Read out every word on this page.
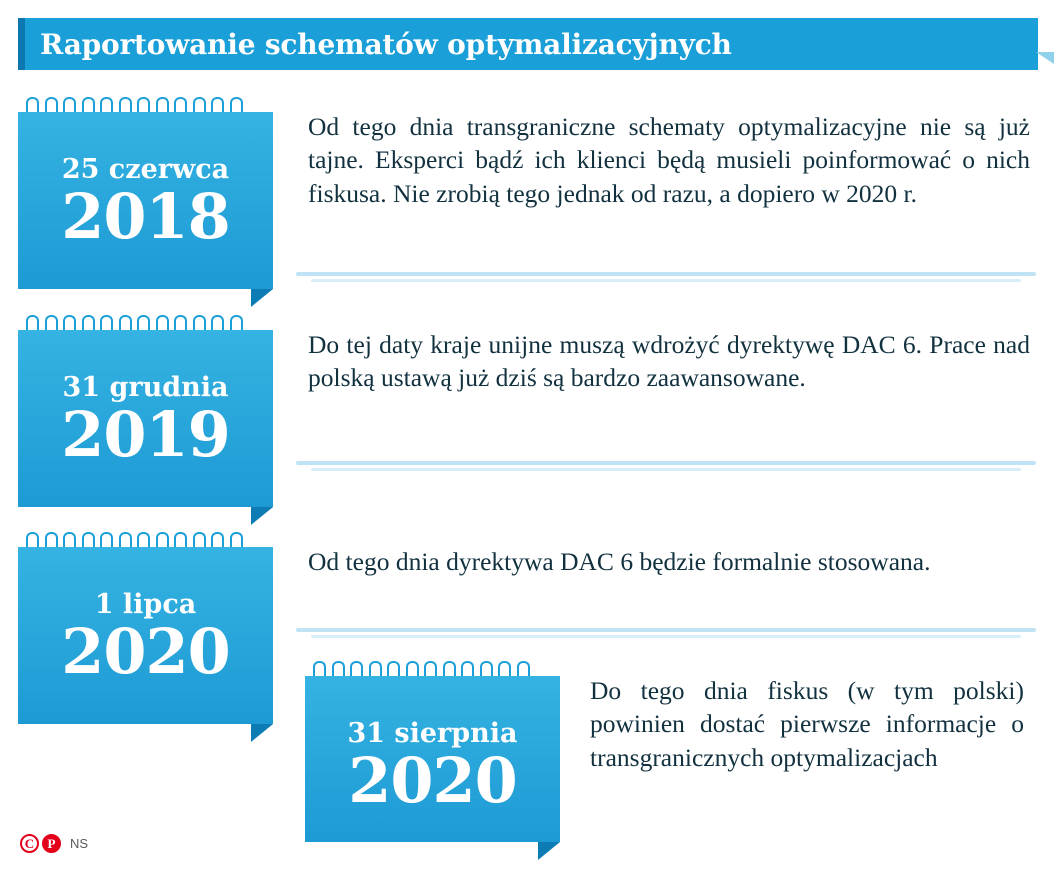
Raportowanie schematów optymalizacyjnych
25 czerwca
2018

Od tego dnia transgraniczne schematy optymalizacyjne nie są już tajne. Eksperci bądź ich klienci będą musieli poinformować o nich fiskusa. Nie zrobią tego jednak od razu, a dopiero w 2020 r.

31 grudnia
2019

Do tej daty kraje unijne muszą wdrożyć dyrektywę DAC 6. Prace nad polską ustawą już dziś są bardzo zaawansowane.

1 lipca
2020

Od tego dnia dyrektywa DAC 6 będzie formalnie stosowana.

31 sierpnia
2020

Do tego dnia fiskus (w tym polski) powinien dostać pierwsze informacje o transgranicznych optymalizacjach

C	P	NS
